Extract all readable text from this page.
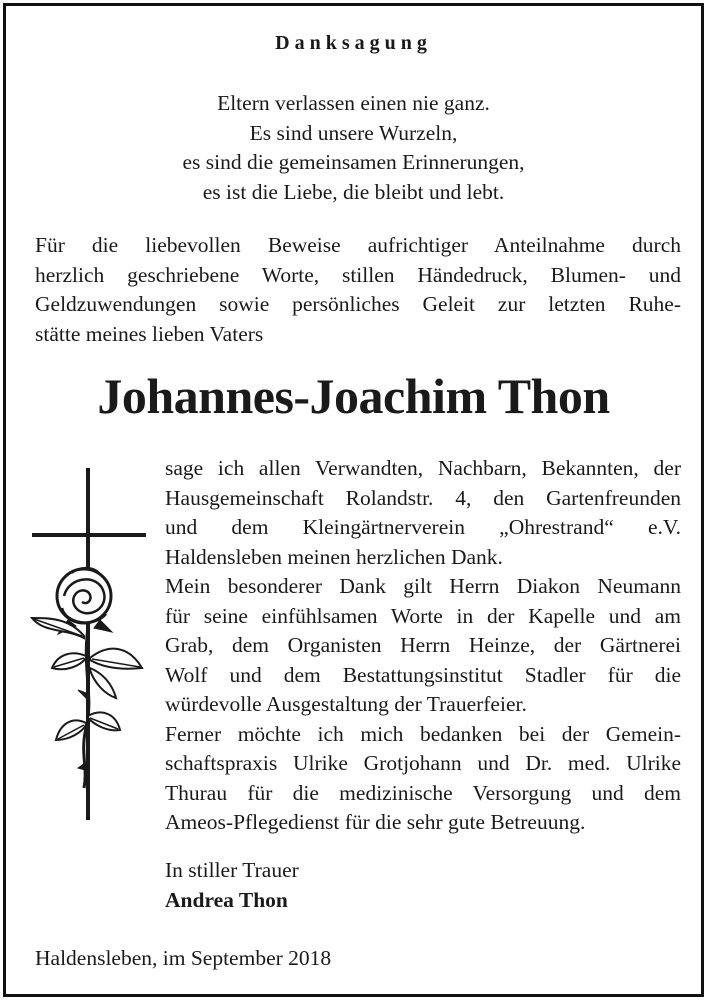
Danksagung
Eltern verlassen einen nie ganz.
Es sind unsere Wurzeln,
es sind die gemeinsamen Erinnerungen,
es ist die Liebe, die bleibt und lebt.
Für die liebevollen Beweise aufrichtiger Anteilnahme durch
herzlich geschriebene Worte, stillen Händedruck, Blumen- und
Geldzuwendungen sowie persönliches Geleit zur letzten Ruhe-
stätte meines lieben Vaters
Johannes-Joachim Thon
sage ich allen Verwandten, Nachbarn, Bekannten, der
Hausgemeinschaft Rolandstr. 4, den Gartenfreunden
und dem Kleingärtnerverein „Ohrestrand“ e.V.
Haldensleben meinen herzlichen Dank.
Mein besonderer Dank gilt Herrn Diakon Neumann
für seine einfühlsamen Worte in der Kapelle und am
Grab, dem Organisten Herrn Heinze, der Gärtnerei
Wolf und dem Bestattungsinstitut Stadler für die
würdevolle Ausgestaltung der Trauerfeier.
Ferner möchte ich mich bedanken bei der Gemein-
schaftspraxis Ulrike Grotjohann und Dr. med. Ulrike
Thurau für die medizinische Versorgung und dem
Ameos-Pflegedienst für die sehr gute Betreuung.
In stiller Trauer
Andrea Thon
Haldensleben, im September 2018
